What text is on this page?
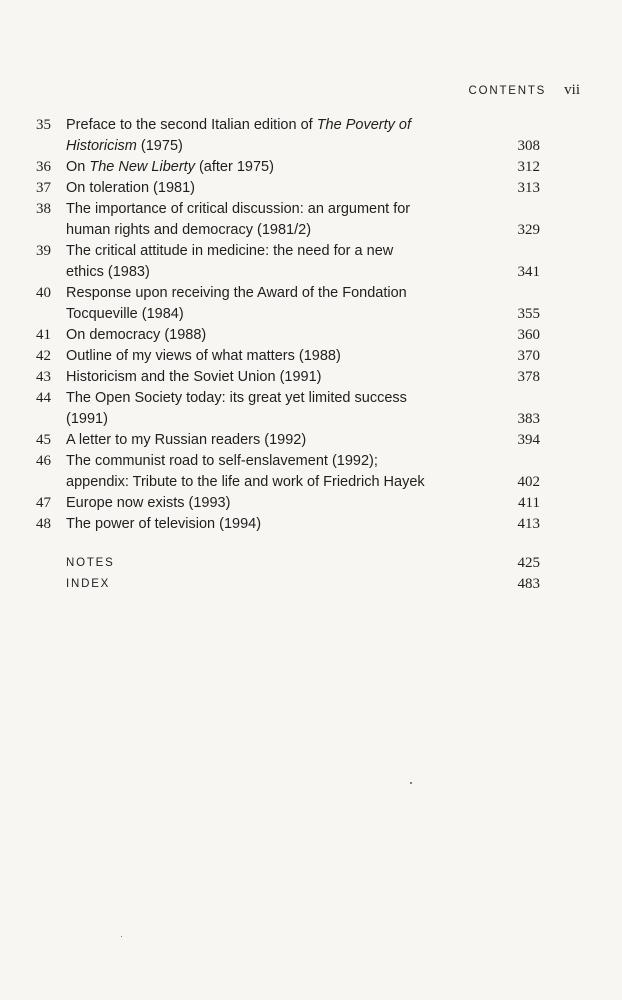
CONTENTS vii
35	Preface to the second Italian edition of The Poverty of
Historicism (1975)	308
36	On The New Liberty (after 1975)	312
37	On toleration (1981)	313
38	The importance of critical discussion: an argument for
human rights and democracy (1981/2)	329
39	The critical attitude in medicine: the need for a new
ethics (1983)	341
40	Response upon receiving the Award of the Fondation
Tocqueville (1984)	355
41	On democracy (1988)	360
42	Outline of my views of what matters (1988)	370
43	Historicism and the Soviet Union (1991)	378
44	The Open Society today: its great yet limited success
(1991)	383
45	A letter to my Russian readers (1992)	394
46	The communist road to self-enslavement (1992);
appendix: Tribute to the life and work of Friedrich Hayek	402
47	Europe now exists (1993)	411
48	The power of television (1994)	413
NOTES	425
INDEX	483
